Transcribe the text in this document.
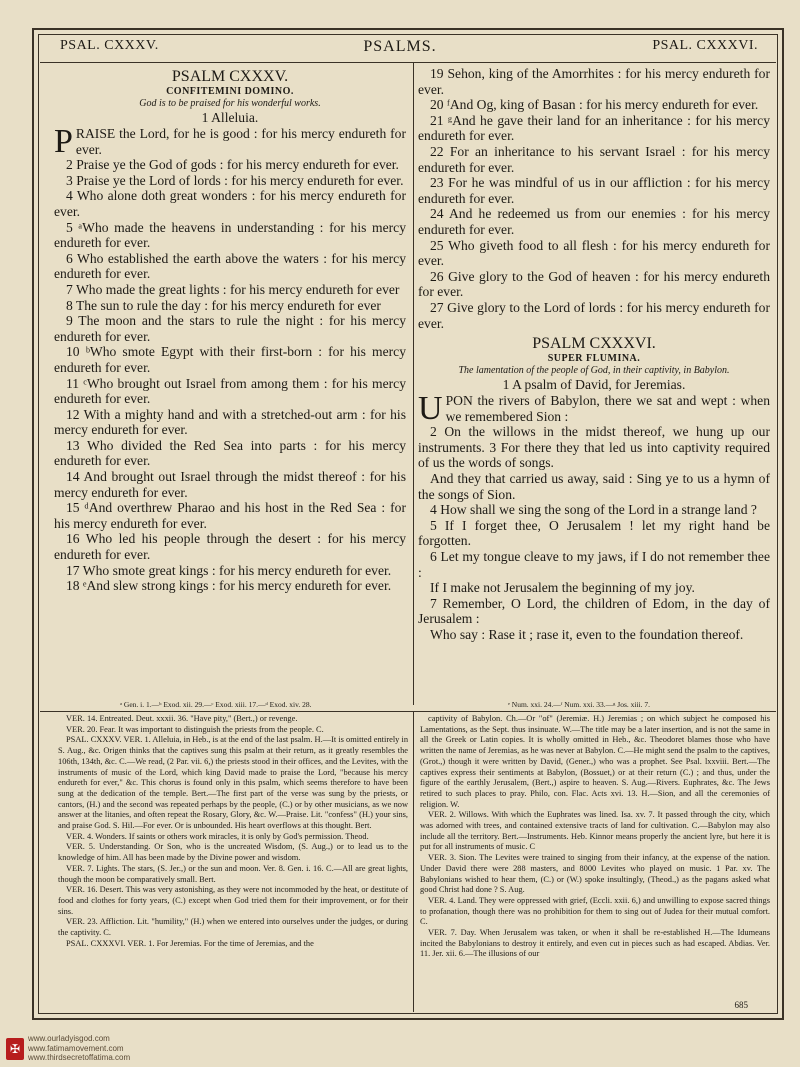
PSAL. CXXXV.	PSALMS.	PSAL. CXXXVI.
PSALM CXXXV.
CONFITEMINI DOMINO.
God is to be praised for his wonderful works.
1 Alleluia.

PRAISE the Lord, for he is good : for his mercy endureth for ever.

2 Praise ye the God of gods : for his mercy endureth for ever.

3 Praise ye the Lord of lords : for his mercy endureth for ever.

4 Who alone doth great wonders : for his mercy endureth for ever.

5 ᵃWho made the heavens in understanding : for his mercy endureth for ever.

6 Who established the earth above the waters : for his mercy endureth for ever.

7 Who made the great lights : for his mercy endureth for ever

8 The sun to rule the day : for his mercy endureth for ever

9 The moon and the stars to rule the night : for his mercy endureth for ever.

10 ᵇWho smote Egypt with their first-born : for his mercy endureth for ever.

11 ᶜWho brought out Israel from among them : for his mercy endureth for ever.

12 With a mighty hand and with a stretched-out arm : for his mercy endureth for ever.

13 Who divided the Red Sea into parts : for his mercy endureth for ever.

14 And brought out Israel through the midst thereof : for his mercy endureth for ever.

15 ᵈAnd overthrew Pharao and his host in the Red Sea : for his mercy endureth for ever.

16 Who led his people through the desert : for his mercy endureth for ever.

17 Who smote great kings : for his mercy endureth for ever.

18 ᵉAnd slew strong kings : for his mercy endureth for ever.

19 Sehon, king of the Amorrhites : for his mercy endureth for ever.

20 ᶠAnd Og, king of Basan : for his mercy endureth for ever.

21 ᵍAnd he gave their land for an inheritance : for his mercy endureth for ever.

22 For an inheritance to his servant Israel : for his mercy endureth for ever.

23 For he was mindful of us in our affliction : for his mercy endureth for ever.

24 And he redeemed us from our enemies : for his mercy endureth for ever.

25 Who giveth food to all flesh : for his mercy endureth for ever.

26 Give glory to the God of heaven : for his mercy endureth for ever.

27 Give glory to the Lord of lords : for his mercy endureth for ever.

PSALM CXXXVI.
SUPER FLUMINA.
The lamentation of the people of God, in their captivity, in Babylon.
1 A psalm of David, for Jeremias.

UPON the rivers of Babylon, there we sat and wept : when we remembered Sion :

2 On the willows in the midst thereof, we hung up our instruments. 3 For there they that led us into captivity required of us the words of songs.

And they that carried us away, said : Sing ye to us a hymn of the songs of Sion.

4 How shall we sing the song of the Lord in a strange land ?

5 If I forget thee, O Jerusalem ! let my right hand be forgotten.

6 Let my tongue cleave to my jaws, if I do not remember thee :

If I make not Jerusalem the beginning of my joy.

7 Remember, O Lord, the children of Edom, in the day of Jerusalem :

Who say : Rase it ; rase it, even to the foundation thereof.

ᵃ Gen. i. 1.—ᵇ Exod. xii. 29.—ᶜ Exod. xiii. 17.—ᵈ Exod. xiv. 28.	ᵉ Num. xxi. 24.—ᶠ Num. xxi. 33.—ᵍ Jos. xiii. 7.

VER. 14. Entreated. Deut. xxxii. 36. "Have pity," (Bert.,) or revenge.

VER. 20. Fear. It was important to distinguish the priests from the people. C.

PSAL. CXXXV. VER. 1. Alleluia, in Heb., is at the end of the last psalm. H.—It is omitted entirely in S. Aug., &c. Origen thinks that the captives sung this psalm at their return, as it greatly resembles the 106th, 134th, &c. C.—We read, (2 Par. vii. 6,) the priests stood in their offices, and the Levites, with the instruments of music of the Lord, which king David made to praise the Lord, "because his mercy endureth for ever," &c. This chorus is found only in this psalm, which seems therefore to have been sung at the dedication of the temple. Bert.—The first part of the verse was sung by the priests, or cantors, (H.) and the second was repeated perhaps by the people, (C.) or by other musicians, as we now answer at the litanies, and often repeat the Rosary, Glory, &c. W.—Praise. Lit. "confess" (H.) your sins, and praise God. S. Hil.—For ever. Or is unbounded. His heart overflows at this thought. Bert.

VER. 4. Wonders. If saints or others work miracles, it is only by God's permission. Theod.

VER. 5. Understanding. Or Son, who is the uncreated Wisdom, (S. Aug.,) or to lead us to the knowledge of him. All has been made by the Divine power and wisdom.

VER. 7. Lights. The stars, (S. Jer.,) or the sun and moon. Ver. 8. Gen. i. 16. C.—All are great lights, though the moon be comparatively small. Bert.

VER. 16. Desert. This was very astonishing, as they were not incommoded by the heat, or destitute of food and clothes for forty years, (C.) except when God tried them for their improvement, or for their sins.

VER. 23. Affliction. Lit. "humility," (H.) when we entered into ourselves under the judges, or during the captivity. C.

PSAL. CXXXVI. VER. 1. For Jeremias. For the time of Jeremias, and the

captivity of Babylon. Ch.—Or "of" (Jeremiæ. H.) Jeremias ; on which subject he composed his Lamentations, as the Sept. thus insinuate. W.—The title may be a later insertion, and is not the same in all the Greek or Latin copies. It is wholly omitted in Heb., &c. Theodoret blames those who have written the name of Jeremias, as he was never at Babylon. C.—He might send the psalm to the captives, (Grot.,) though it were written by David, (Gener.,) who was a prophet. See Psal. lxxviii. Bert.—The captives express their sentiments at Babylon, (Bossuet,) or at their return (C.) ; and thus, under the figure of the earthly Jerusalem, (Bert.,) aspire to heaven. S. Aug.—Rivers. Euphrates, &c. The Jews retired to such places to pray. Philo, con. Flac. Acts xvi. 13. H.—Sion, and all the ceremonies of religion. W.

VER. 2. Willows. With which the Euphrates was lined. Isa. xv. 7. It passed through the city, which was adorned with trees, and contained extensive tracts of land for cultivation. C.—Babylon may also include all the territory. Bert.—Instruments. Heb. Kinnor means properly the ancient lyre, but here it is put for all instruments of music. C

VER. 3. Sion. The Levites were trained to singing from their infancy, at the expense of the nation. Under David there were 288 masters, and 8000 Levites who played on music. 1 Par. xv. The Babylonians wished to hear them, (C.) or (W.) spoke insultingly, (Theod.,) as the pagans asked what good Christ had done ? S. Aug.

VER. 4. Land. They were oppressed with grief, (Eccli. xxii. 6,) and unwilling to expose sacred things to profanation, though there was no prohibition for them to sing out of Judea for their mutual comfort. C.

VER. 7. Day. When Jerusalem was taken, or when it shall be re-established H.—The Idumeans incited the Babylonians to destroy it entirely, and even cut in pieces such as had escaped. Abdias. Ver. 11. Jer. xii. 6.—The illusions of our

685
✠
www.ourladyisgod.com
www.fatimamovement.com
www.thirdsecretoffatima.com
